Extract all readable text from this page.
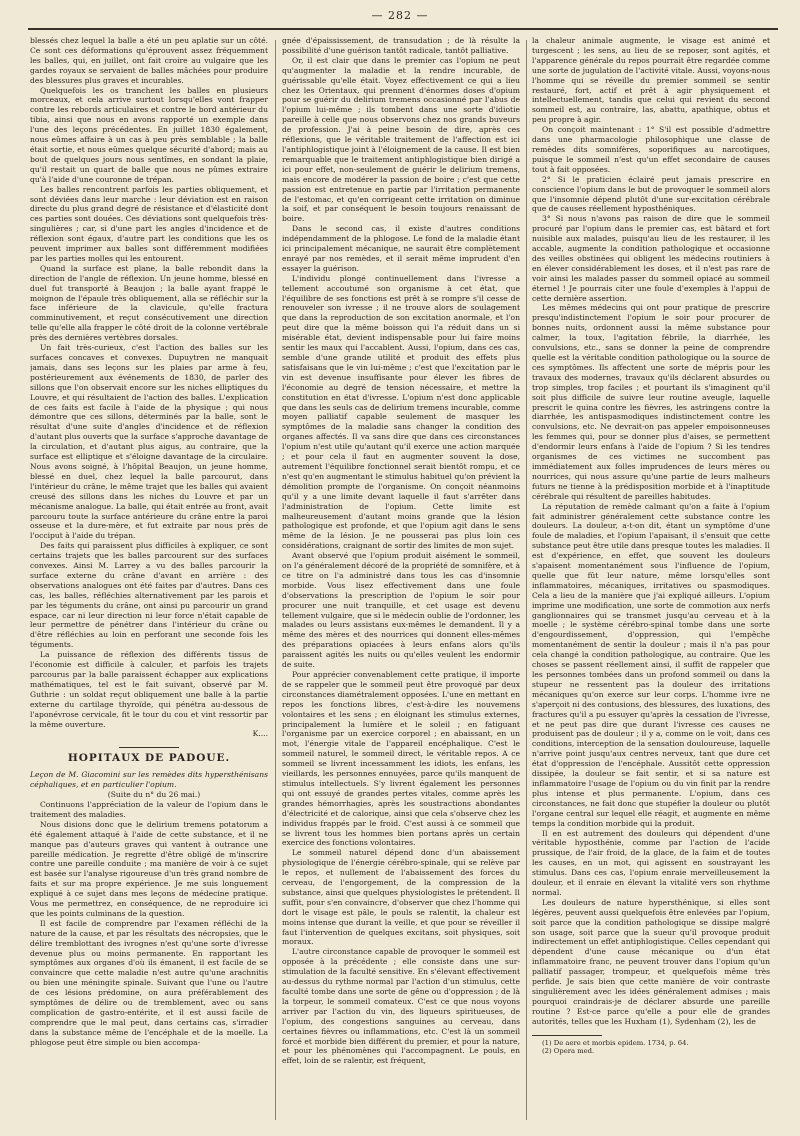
— 282 —

blessés chez lequel la balle a été un peu aplatie sur un côté. Ce sont ces déformations qu'éprouvent assez fréquemment les balles, qui, en juillet, ont fait croire au vulgaire que les gardes royaux se servaient de balles mâchées pour produire des blessures plus graves et incurables.

Quelquefois les os tranchent les balles en plusieurs morceaux, et cela arrive surtout lorsqu'elles vont frapper contre les rebords articulaires et contre le bord antérieur du tibia, ainsi que nous en avons rapporté un exemple dans l'une des leçons précédentes. En juillet 1830 également, nous eûmes affaire à un cas à peu près semblable ; la balle était sortie, et nous eûmes quelque sécurité d'abord; mais au bout de quelques jours nous sentîmes, en sondant la plaie, qu'il restait un quart de balle que nous ne pûmes extraire qu'à l'aide d'une couronne de trépan.

Les balles rencontrent parfois les parties obliquement, et sont déviées dans leur marche : leur déviation est en raison directe du plus grand degré de résistance et d'élasticité dont ces parties sont douées. Ces déviations sont quelquefois très-singulières ; car, si d'une part les angles d'incidence et de réflexion sont égaux, d'autre part les conditions que les os peuvent imprimer aux balles sont différemment modifiées par les parties molles qui les entourent.

Quand la surface est plane, la balle rebondit dans la direction de l'angle de réflexion. Un jeune homme, blessé en duel fut transporté à Beaujon ; la balle ayant frappé le moignon de l'épaule très obliquement, alla se réfléchir sur la face inférieure de la clavicule, qu'elle fractura comminutivement, et reçut consécutivement une direction telle qu'elle alla frapper le côté droit de la colonne vertébrale près des dernières vertèbres dorsales.

Un fait très-curieux, c'est l'action des balles sur les surfaces concaves et convexes. Dupuytren ne manquait jamais, dans ses leçons sur les plaies par arme à feu, postérieurement aux événements de 1830, de parler des sillons que l'on observait encore sur les niches elliptiques du Louvre, et qui résultaient de l'action des balles. L'explication de ces faits est facile à l'aide de la physique ; qui nous démontre que ces sillons, déterminés par la balle, sont le résultat d'une suite d'angles d'incidence et de réflexion d'autant plus ouverts que la surface s'approche davantage de la circulation, et d'autant plus aigus, au contraire, que la surface est elliptique et s'éloigne davantage de la circulaire. Nous avons soigné, à l'hôpital Beaujon, un jeune homme, blessé en duel, chez lequel la balle parcourut, dans l'intérieur du crâne, le même trajet que les balles qui avaient creusé des sillons dans les niches du Louvre et par un mécanisme analogue. La balle, qui était entrée au front, avait parcouru toute la surface antérieure du crâne entre la paroi osseuse et la dure-mère, et fut extraite par nous près de l'occiput à l'aide du trépan.

Des faits qui paraissent plus difficiles à expliquer, ce sont certains trajets que les balles parcourent sur des surfaces convexes. Ainsi M. Larrey a vu des balles parcourir la surface externe du crâne d'avant en arrière : des observations analogues ont été faites par d'autres. Dans ces cas, les balles, réfléchies alternativement par les parois et par les téguments du crâne, ont ainsi pu parcourir un grand espace, car ni leur direction ni leur force n'était capable de leur permettre de pénétrer dans l'intérieur du crâne ou d'être réfléchies au loin en perforant une seconde fois les téguments.

La puissance de réflexion des différents tissus de l'économie est difficile à calculer, et parfois les trajets parcourus par la balle paraissent échapper aux explications mathématiques, tel est le fait suivant, observé par M. Guthrie : un soldat reçut obliquement une balle à la partie externe du cartilage thyroïde, qui pénétra au-dessous de l'aponévrose cervicale, fit le tour du cou et vint ressortir par la même ouverture.

K....

HOPITAUX DE PADOUE.

Leçon de M. Giacomini sur les remèdes dits hypersthénisans céphaliques, et en particulier l'opium.

(Suite du n° du 26 mai.)

Continuons l'appréciation de la valeur de l'opium dans le traitement des maladies.

Nous disions donc que le delirium tremens potatorum a été également attaqué à l'aide de cette substance, et il ne manque pas d'auteurs graves qui vantent à outrance une pareille médication. Je regrette d'être obligé de m'inscrire contre une pareille conduite ; ma manière de voir à ce sujet est basée sur l'analyse rigoureuse d'un très grand nombre de faits et sur ma propre expérience. Je me suis longuement expliqué à ce sujet dans mes leçons de médecine pratique. Vous me permettrez, en conséquence, de ne reproduire ici que les points culminans de la question.

Il est facile de comprendre par l'examen réfléchi de la nature de la cause, et par les résultats des nécropsies, que le délire tremblottant des ivrognes n'est qu'une sorte d'ivresse devenue plus ou moins permanente. En rapportant les symptômes aux organes d'où ils émanent, il est facile de se convaincre que cette maladie n'est autre qu'une arachnitis ou bien une méningite spinale. Suivant que l'une ou l'autre de ces lésions prédomine, on aura préférablement des symptômes de délire ou de tremblement, avec ou sans complication de gastro-entérite, et il est aussi facile de comprendre que le mal peut, dans certains cas, s'irradier dans la substance même de l'encéphale et de la moelle. La phlogose peut être simple ou bien accompa-

gnée d'épaississement, de transudation ; de là résulte la possibilité d'une guérison tantôt radicale, tantôt palliative.

Or, il est clair que dans le premier cas l'opium ne peut qu'augmenter la maladie et la rendre incurable, de guérissable qu'elle était. Voyez effectivement ce qui a lieu chez les Orientaux, qui prennent d'énormes doses d'opium pour se guérir du delirium tremens occasionné par l'abus de l'opium lui-même ; ils tombent dans une sorte d'idiotie pareille à celle que nous observons chez nos grands buveurs de profession. J'ai à peine besoin de dire, après ces réflexions, que le véritable traitement de l'affection est ici l'antiphlogistique joint à l'éloignement de la cause. Il est bien remarquable que le traitement antiphlogistique bien dirigé a ici pour effet, non-seulement de guérir le delirium tremens, mais encore de modérer la passion de boire ; c'est que cette passion est entretenue en partie par l'irritation permanente de l'estomac, et qu'en corrigeant cette irritation on diminue la soif, et par conséquent le besoin toujours renaissant de boire.

Dans le second cas, il existe d'autres conditions indépendamment de la phlogose. Le fond de la maladie étant ici principalement mécanique, ne saurait être complètement enrayé par nos remèdes, et il serait même imprudent d'en essayer la guérison.

L'individu plongé continuellement dans l'ivresse a tellement accoutumé son organisme à cet état, que l'équilibre de ses fonctions est prêt à se rompre s'il cesse de renouveler son ivresse ; il ne trouve alors de soulagement que dans la reproduction de son excitation anormale, et l'on peut dire que la même boisson qui l'a réduit dans un si misérable état, devient indispensable pour lui faire moins sentir les maux qui l'accablent. Aussi, l'opium, dans ces cas, semble d'une grande utilité et produit des effets plus satisfaisans que le vin lui-même ; c'est que l'excitation par le vin est devenue insuffisante pour élever les fibres de l'économie au degré de tension nécessaire, et mettre la constitution en état d'ivresse. L'opium n'est donc applicable que dans les seuls cas de delirium tremens incurable, comme moyen palliatif capable seulement de masquer les symptômes de la maladie sans changer la condition des organes affectés. Il va sans dire que dans ces circonstances l'opium n'est utile qu'autant qu'il exerce une action marquée ; et pour cela il faut en augmenter souvent la dose, autrement l'équilibre fonctionnel serait bientôt rompu, et ce n'est qu'en augmentant le stimulus habituel qu'on prévient la démolition prompte de l'organisme. On conçoit néanmoins qu'il y a une limite devant laquelle il faut s'arrêter dans l'administration de l'opium. Cette limite est malheureusement d'autant moins grande que la lésion pathologique est profonde, et que l'opium agit dans le sens même de la lésion. Je ne pousserai pas plus loin ces considérations, craignant de sortir des limites de mon sujet.

Avant observé que l'opium produit aisément le sommeil, on l'a généralement décoré de la propriété de somnifère, et à ce titre on l'a administré dans tous les cas d'insomnie morbide. Vous lisez effectivement dans une foule d'observations la prescription de l'opium le soir pour procurer une nuit tranquille, et cet usage est devenu tellement vulgaire, que si le médecin oublie de l'ordonner, les malades ou leurs assistans eux-mêmes le demandent. Il y a même des mères et des nourrices qui donnent elles-mêmes des préparations opiacées à leurs enfans alors qu'ils paraissent agités les nuits ou qu'elles veulent les endormir de suite.

Pour apprécier convenablement cette pratique, il importe de se rappeler que le sommeil peut être provoqué par deux circonstances diamétralement opposées. L'une en mettant en repos les fonctions libres, c'est-à-dire les nouvemens volontaires et les sens ; en éloignant les stimulus externes, principalement la lumière et le soleil ; en fatiguant l'organisme par un exercice corporel ; en abaissant, en un mot, l'énergie vitale de l'appareil encéphalique. C'est le sommeil naturel, le sommeil direct, le véritable repos. A ce sommeil se livrent incessamment les idiots, les enfans, les vieillards, les personnes ennuyées, parce qu'ils manquent de stimulus intellectuels. S'y livrent également les personnes qui ont essuyé de grandes pertes vitales, comme après les grandes hémorrhagies, après les soustractions abondantes d'électricité et de calorique, ainsi que cela s'observe chez les individus frappés par le froid. C'est aussi à ce sommeil que se livrent tous les hommes bien portans après un certain exercice des fonctions volontaires.

Le sommeil naturel dépend donc d'un abaissement physiologique de l'énergie cérébro-spinale, qui se relève par le repos, et nullement de l'abaissement des forces du cerveau, de l'engorgement, de la compression de la substance, ainsi que quelques physiologistes le prétendent. Il suffit, pour s'en convaincre, d'observer que chez l'homme qui dort le visage est pâle, le pouls se ralentit, la chaleur est moins intense que durant la veille, et que pour se réveiller il faut l'intervention de quelques excitans, soit physiques, soit moraux.

L'autre circonstance capable de provoquer le sommeil est opposée à la précédente ; elle consiste dans une sur-stimulation de la faculté sensitive. En s'élevant effectivement au-dessus du rythme normal par l'action d'un stimulus, cette faculté tombe dans une sorte de gêne ou d'oppression ; de là la torpeur, le sommeil comateux. C'est ce que nous voyons arriver par l'action du vin, des liqueurs spiritueuses, de l'opium, des congestions sanguines au cerveau, dans certaines fièvres ou inflammations, etc. C'est là un sommeil forcé et morbide bien différent du premier, et pour la nature, et pour les phénomènes qui l'accompagnent. Le pouls, en effet, loin de se ralentir, est fréquent,

la chaleur animale augmente, le visage est animé et turgescent ; les sens, au lieu de se reposer, sont agités, et l'apparence générale du repos pourrait être regardée comme une sorte de jugulation de l'activité vitale. Aussi, voyons-nous l'homme qui se réveille du premier sommeil se sentir restauré, fort, actif et prêt à agir physiquement et intellectuellement, tandis que celui qui revient du second sommeil est, au contraire, las, abattu, apathique, obtus et peu propre à agir.

On conçoit maintenant : 1° S'il est possible d'admettre dans une pharmacologie philosophique une classe de remèdes dits somnifères, soporifiques au narcotiques, puisque le sommeil n'est qu'un effet secondaire de causes tout à fait opposées.

2° Si le praticien éclairé peut jamais prescrire en conscience l'opium dans le but de provoquer le sommeil alors que l'insomnie dépend plutôt d'une sur-excitation cérébrale que de causes réellement hyposthéniques.

3° Si nous n'avons pas raison de dire que le sommeil procuré par l'opium dans le premier cas, est bâtard et fort nuisible aux malades, puisqu'au lieu de les restaurer, il les accable, augmente la condition pathologique et occasionne des veilles obstinées qui obligent les médecins routiniers à en élever considérablement les doses, et il n'est pas rare de voir ainsi les malades passer du sommeil opiacé au sommeil éternel ! Je pourrais citer une foule d'exemples à l'appui de cette dernière assertion.

Les mêmes médecins qui ont pour pratique de prescrire presqu'indistinctement l'opium le soir pour procurer de bonnes nuits, ordonnent aussi la même substance pour calmer, la toux, l'agitation fébrile, la diarrhée, les convulsions, etc., sans se donner la peine de comprendre quelle est la véritable condition pathologique ou la source de ces symptômes. Ils affectent une sorte de mépris pour les travaux des modernes, travaux qu'ils déclarent absurdes ou trop simples, trop faciles ; et pourtant ils s'imaginent qu'il soit plus difficile de suivre leur routine aveugle, laquelle prescrit le quina contre les fièvres, les astringens contre la diarrhée, les antispasmodiques indistinctement contre les convulsions, etc. Ne devrait-on pas appeler empoisonneuses les femmes qui, pour se donner plus d'aises, se permettent d'endormir leurs enfans à l'aide de l'opium ? Si les tendres organismes de ces victimes ne succombent pas immédiatement aux folles imprudences de leurs mères ou nourrices, qui nous assure qu'une partie de leurs malheurs futurs ne tienne à la prédisposition morbide et à l'inaptitude cérébrale qui résultent de pareilles habitudes.

La réputation de remède calmant qu'on a faite à l'opium fait administrer généralement cette substance contre les douleurs. La douleur, a-t-on dit, étant un symptôme d'une foule de maladies, et l'opium l'apaisant, il s'ensuit que cette substance peut être utile dans presque toutes les maladies. Il est d'expérience, en effet, que souvent les douleurs s'apaisent momentanément sous l'influence de l'opium, quelle que fût leur nature, même lorsqu'elles sont inflammatoires, mécaniques, irritatives ou spasmodiques. Cela a lieu de la manière que j'ai expliqué ailleurs. L'opium imprime une modification, une sorte de commotion aux nerfs ganglionnaires qui se transmet jusqu'au cerveau et à la moelle ; le système cérébro-spinal tombe dans une sorte d'engourdissement, d'oppression, qui l'empêche momentanément de sentir la douleur ; mais il n'a pas pour cela changé la condition pathologique, au contraire. Que les choses se passent réellement ainsi, il suffit de rappeler que les personnes tombées dans un profond sommeil ou dans la stupeur ne ressentent pas la douleur des irritations mécaniques qu'on exerce sur leur corps. L'homme ivre ne s'aperçoit ni des contusions, des blessures, des luxations, des fractures qu'il a pu essuyer qu'après la cessation de l'ivresse, et ne peut pas dire que durant l'ivresse ces causes ne produisent pas de douleur ; il y a, comme on le voit, dans ces conditions, interception de la sensation douloureuse, laquelle n'arrive point jusqu'aux centres nerveux, tant que dure cet état d'oppression de l'encéphale. Aussitôt cette oppression dissipée, la douleur se fait sentir, et si sa nature est inflammatoire l'usage de l'opium ou du vin finit par la rendre plus intense et plus permanente. L'opium, dans ces circonstances, ne fait donc que stupéfier la douleur ou plutôt l'organe central sur lequel elle réagit, et augmente en même temps la condition morbide qui la produit.

Il en est autrement des douleurs qui dépendent d'une véritable hyposthénie, comme par l'action de l'acide prussique, de l'air froid, de la glace, de la faim et de toutes les causes, en un mot, qui agissent en soustrayant les stimulus. Dans ces cas, l'opium enraie merveilleusement la douleur, et il enraie en élevant la vitalité vers son rhythme normal.

Les douleurs de nature hypersthénique, si elles sont légères, peuvent aussi quelquefois être enlevées par l'opium, soit parce que la condition pathologique se dissipe malgré son usage, soit parce que la sueur qu'il provoque produit indirectement un effet antiphlogistique. Celles cependant qui dépendent d'une cause mécanique ou d'un état inflammatoire franc, ne peuvent trouver dans l'opium qu'un palliatif passager, trompeur, et quelquefois même très perfide. Je sais bien que cette manière de voir contraste singulièrement avec les idées généralement admises ; mais pourquoi craindrais-je de déclarer absurde une pareille routine ? Est-ce parce qu'elle a pour elle de grandes autorités, telles que les Huxham (1), Sydenham (2), les de

(1) De aere et morbis epidem. 1734, p. 64.

(2) Opera med.
